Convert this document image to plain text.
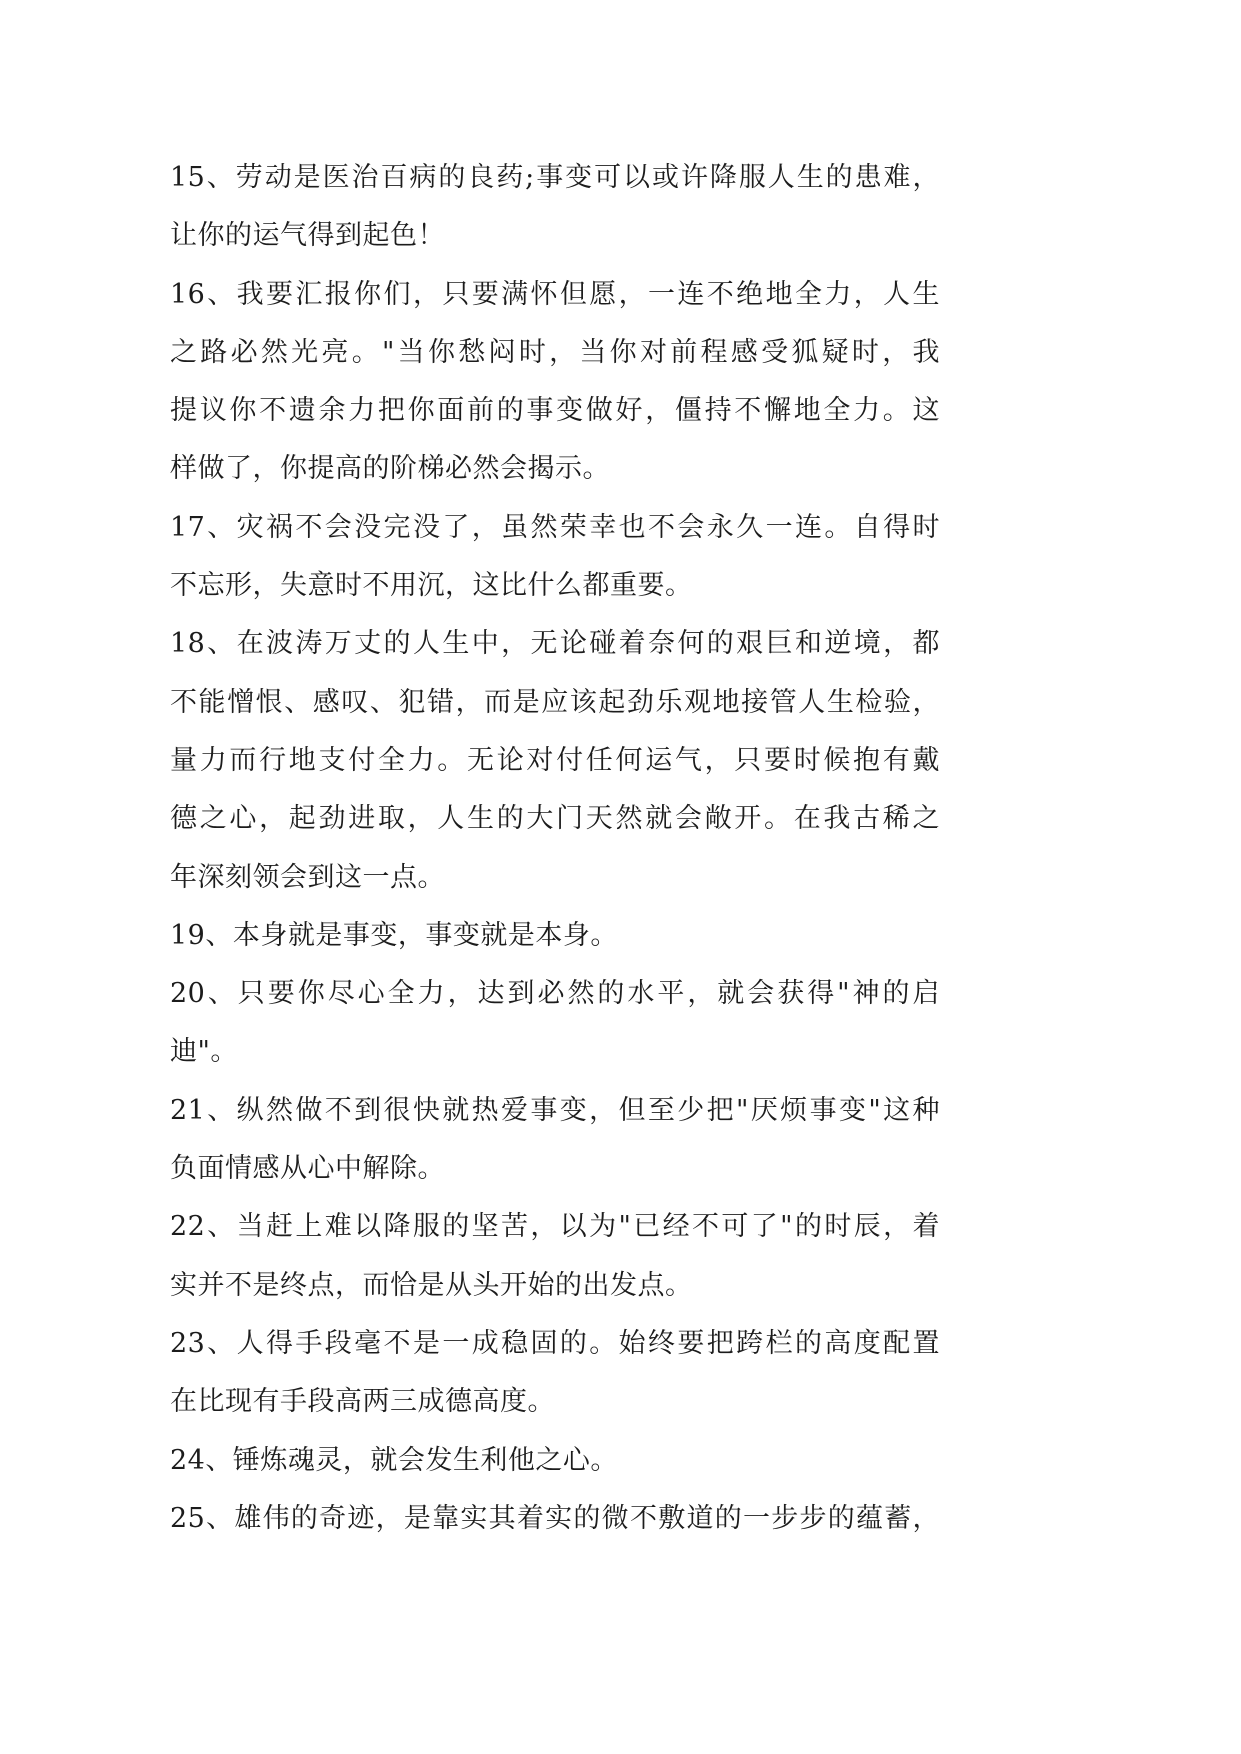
15、劳动是医治百病的良药;事变可以或许降服人生的患难，
让你的运气得到起色！
16、我要汇报你们，只要满怀但愿，一连不绝地全力，人生
之路必然光亮。"当你愁闷时，当你对前程感受狐疑时，我
提议你不遗余力把你面前的事变做好，僵持不懈地全力。这
样做了，你提高的阶梯必然会揭示。
17、灾祸不会没完没了，虽然荣幸也不会永久一连。自得时
不忘形，失意时不用沉，这比什么都重要。
18、在波涛万丈的人生中，无论碰着奈何的艰巨和逆境，都
不能憎恨、感叹、犯错，而是应该起劲乐观地接管人生检验，
量力而行地支付全力。无论对付任何运气，只要时候抱有戴
德之心，起劲进取，人生的大门天然就会敞开。在我古稀之
年深刻领会到这一点。
19、本身就是事变，事变就是本身。
20、只要你尽心全力，达到必然的水平，就会获得"神的启
迪"。
21、纵然做不到很快就热爱事变，但至少把"厌烦事变"这种
负面情感从心中解除。
22、当赶上难以降服的坚苦，以为"已经不可了"的时辰，着
实并不是终点，而恰是从头开始的出发点。
23、人得手段毫不是一成稳固的。始终要把跨栏的高度配置
在比现有手段高两三成德高度。
24、锤炼魂灵，就会发生利他之心。
25、雄伟的奇迹，是靠实其着实的微不敷道的一步步的蕴蓄，
